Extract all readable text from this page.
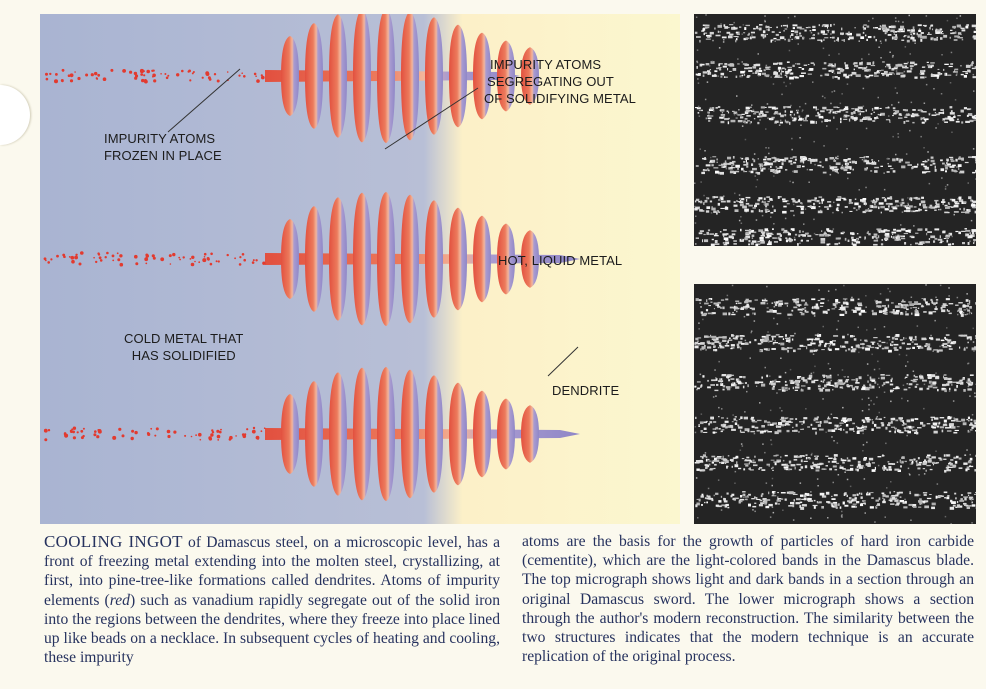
IMPURITY ATOMS
SEGREGATING OUT
OF SOLIDIFYING METAL
IMPURITY ATOMS
FROZEN IN PLACE
HOT, LIQUID METAL
COLD METAL THAT
HAS SOLIDIFIED
DENDRITE

COOLING INGOT of Damascus steel, on a microscopic level, has a front of freezing metal extending into the molten steel, crystallizing, at first, into pine-tree-like formations called dendrites. Atoms of impurity elements (red) such as vanadium rapidly segregate out of the solid iron into the regions between the dendrites, where they freeze into place lined up like beads on a necklace. In subsequent cycles of heating and cooling, these impurity

atoms are the basis for the growth of particles of hard iron carbide (cementite), which are the light-colored bands in the Damascus blade. The top micrograph shows light and dark bands in a section through an original Damascus sword. The lower micrograph shows a section through the author's modern reconstruction. The similarity between the two structures indicates that the modern technique is an accurate replication of the original process.
